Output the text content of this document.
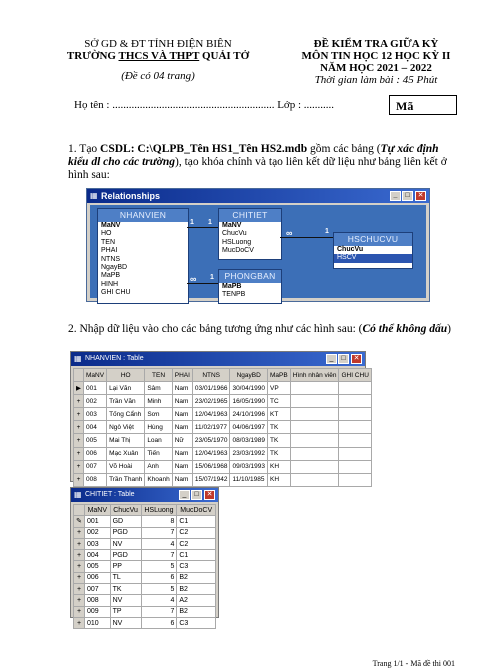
SỞ GD & ĐT TỈNH ĐIỆN BIÊN
TRƯỜNG THCS VÀ THPT QUẢI TỞ
(Đề có 04 trang)
ĐỀ KIỂM TRA GIỮA KỲ
MÔN TIN HỌC 12 HỌC KỲ II
NĂM HỌC 2021 – 2022
Thời gian làm bài : 45 Phút
Họ tên : ........................................................... Lớp : ...........	Mã
1. Tạo CSDL: C:\QLPB_Tên HS1_Tên HS2.mdb gồm các bảng (Tự xác định kiểu dl cho các trường), tạo khóa chính và tạo liên kết dữ liệu như bảng liên kết ở hình sau:
▦ Relationships	_	□	✕
NHANVIEN
MaNV
HO
TEN
PHAI
NTNS
NgayBD
MaPB
HINH
GHI CHU
CHITIET
MaNV
ChucVu
HSLuong
MucDoCV
HSCHUCVU
ChucVu
HSCV
PHONGBAN
MaPB
TENPB
1 1
∞	1
∞ 1
2. Nhập dữ liệu vào cho các bảng tương ứng như các hình sau: (Có thể không dấu)
▦ NHANVIEN : Table	_	□	✕
	MaNV	HO	TEN	PHAI	NTNS	NgayBD	MaPB	Hình nhân viên	GHI CHU
▶	001	Lại Văn	Sâm	Nam	03/01/1966	30/04/1990	VP		
+	002	Trần Văn	Minh	Nam	23/02/1965	16/05/1990	TC		
+	003	Tống Cẩnh	Sơn	Nam	12/04/1963	24/10/1996	KT		
+	004	Ngô Việt	Hùng	Nam	11/02/1977	04/06/1997	TK		
+	005	Mai Thị	Loan	Nữ	23/05/1970	08/03/1989	TK		
+	006	Mạc Xuân	Tiến	Nam	12/04/1963	23/03/1992	TK		
+	007	Võ Hoài	Anh	Nam	15/06/1968	09/03/1993	KH		
+	008	Trần Thanh	Khoanh	Nam	15/07/1942	11/10/1985	KH		
▦ CHITIET : Table	_	□	✕
	MaNV	ChucVu	HSLuong	MucDoCV
✎	001	GD	8	C1
+	002	PGD	7	C2
+	003	NV	4	C2
+	004	PGD	7	C1
+	005	PP	5	C3
+	006	TL	6	B2
+	007	TK	5	B2
+	008	NV	4	A2
+	009	TP	7	B2
+	010	NV	6	C3
Trang 1/1 - Mã đề thi 001
